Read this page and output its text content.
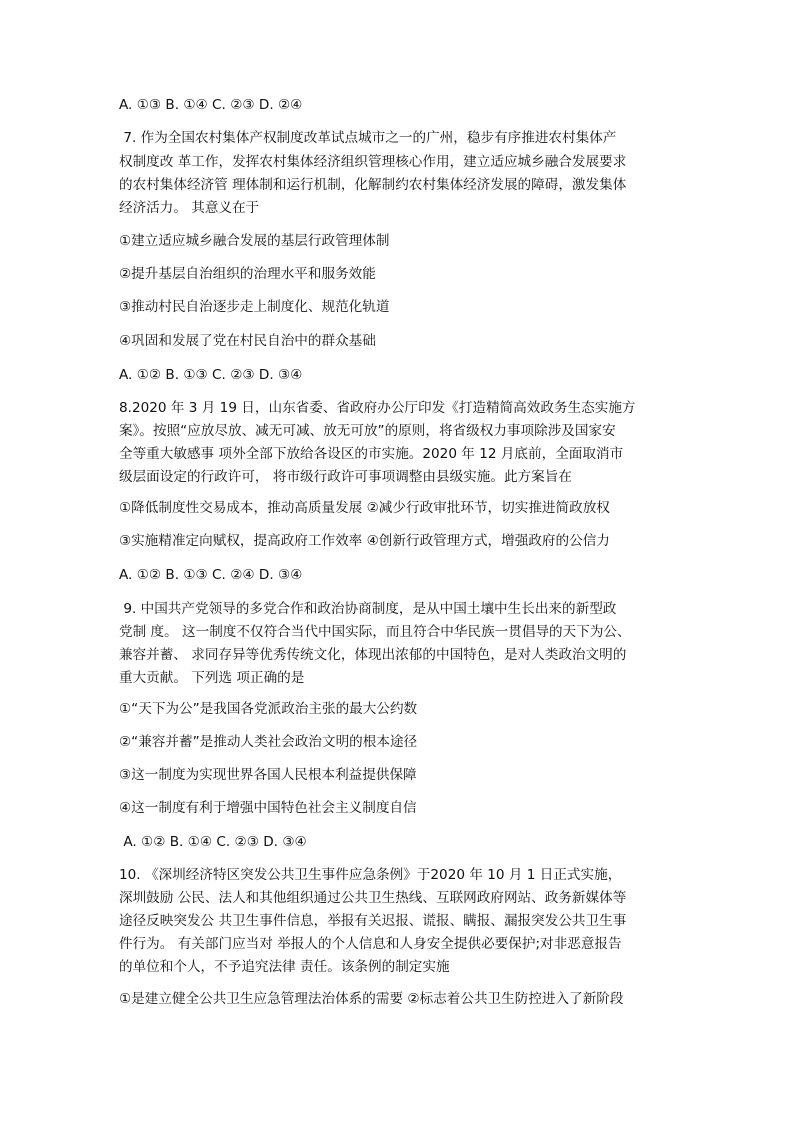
A. ①③ B. ①④ C. ②③ D. ②④
7. 作为全国农村集体产权制度改革试点城市之一的广州，稳步有序推进农村集体产
权制度改 革工作，发挥农村集体经济组织管理核心作用，建立适应城乡融合发展要求
的农村集体经济管 理体制和运行机制，化解制约农村集体经济发展的障碍，激发集体
经济活力。 其意义在于
①建立适应城乡融合发展的基层行政管理体制
②提升基层自治组织的治理水平和服务效能
③推动村民自治逐步走上制度化、规范化轨道
④巩固和发展了党在村民自治中的群众基础
A. ①② B. ①③ C. ②③ D. ③④
8.2020 年 3 月 19 日，山东省委、省政府办公厅印发《打造精简高效政务生态实施方
案》。按照“应放尽放、减无可减、放无可放”的原则，将省级权力事项除涉及国家安
全等重大敏感事 项外全部下放给各设区的市实施。2020 年 12 月底前，全面取消市
级层面设定的行政许可， 将市级行政许可事项调整由县级实施。此方案旨在
①降低制度性交易成本，推动高质量发展 ②减少行政审批环节，切实推进简政放权
③实施精准定向赋权，提高政府工作效率 ④创新行政管理方式，增强政府的公信力
A. ①② B. ①③ C. ②④ D. ③④
9. 中国共产党领导的多党合作和政治协商制度，是从中国土壤中生长出来的新型政
党制 度。 这一制度不仅符合当代中国实际，而且符合中华民族一贯倡导的天下为公、
兼容并蓄、 求同存异等优秀传统文化，体现出浓郁的中国特色，是对人类政治文明的
重大贡献。 下列选 项正确的是
①“天下为公”是我国各党派政治主张的最大公约数
②“兼容并蓄”是推动人类社会政治文明的根本途径
③这一制度为实现世界各国人民根本利益提供保障
④这一制度有利于增强中国特色社会主义制度自信
A. ①② B. ①④ C. ②③ D. ③④
10. 《深圳经济特区突发公共卫生事件应急条例》于2020 年 10 月 1 日正式实施，
深圳鼓励 公民、法人和其他组织通过公共卫生热线、互联网政府网站、政务新媒体等
途径反映突发公 共卫生事件信息，举报有关迟报、谎报、瞒报、漏报突发公共卫生事
件行为。 有关部门应当对 举报人的个人信息和人身安全提供必要保护;对非恶意报告
的单位和个人，不予追究法律 责任。该条例的制定实施
①是建立健全公共卫生应急管理法治体系的需要 ②标志着公共卫生防控进入了新阶段
